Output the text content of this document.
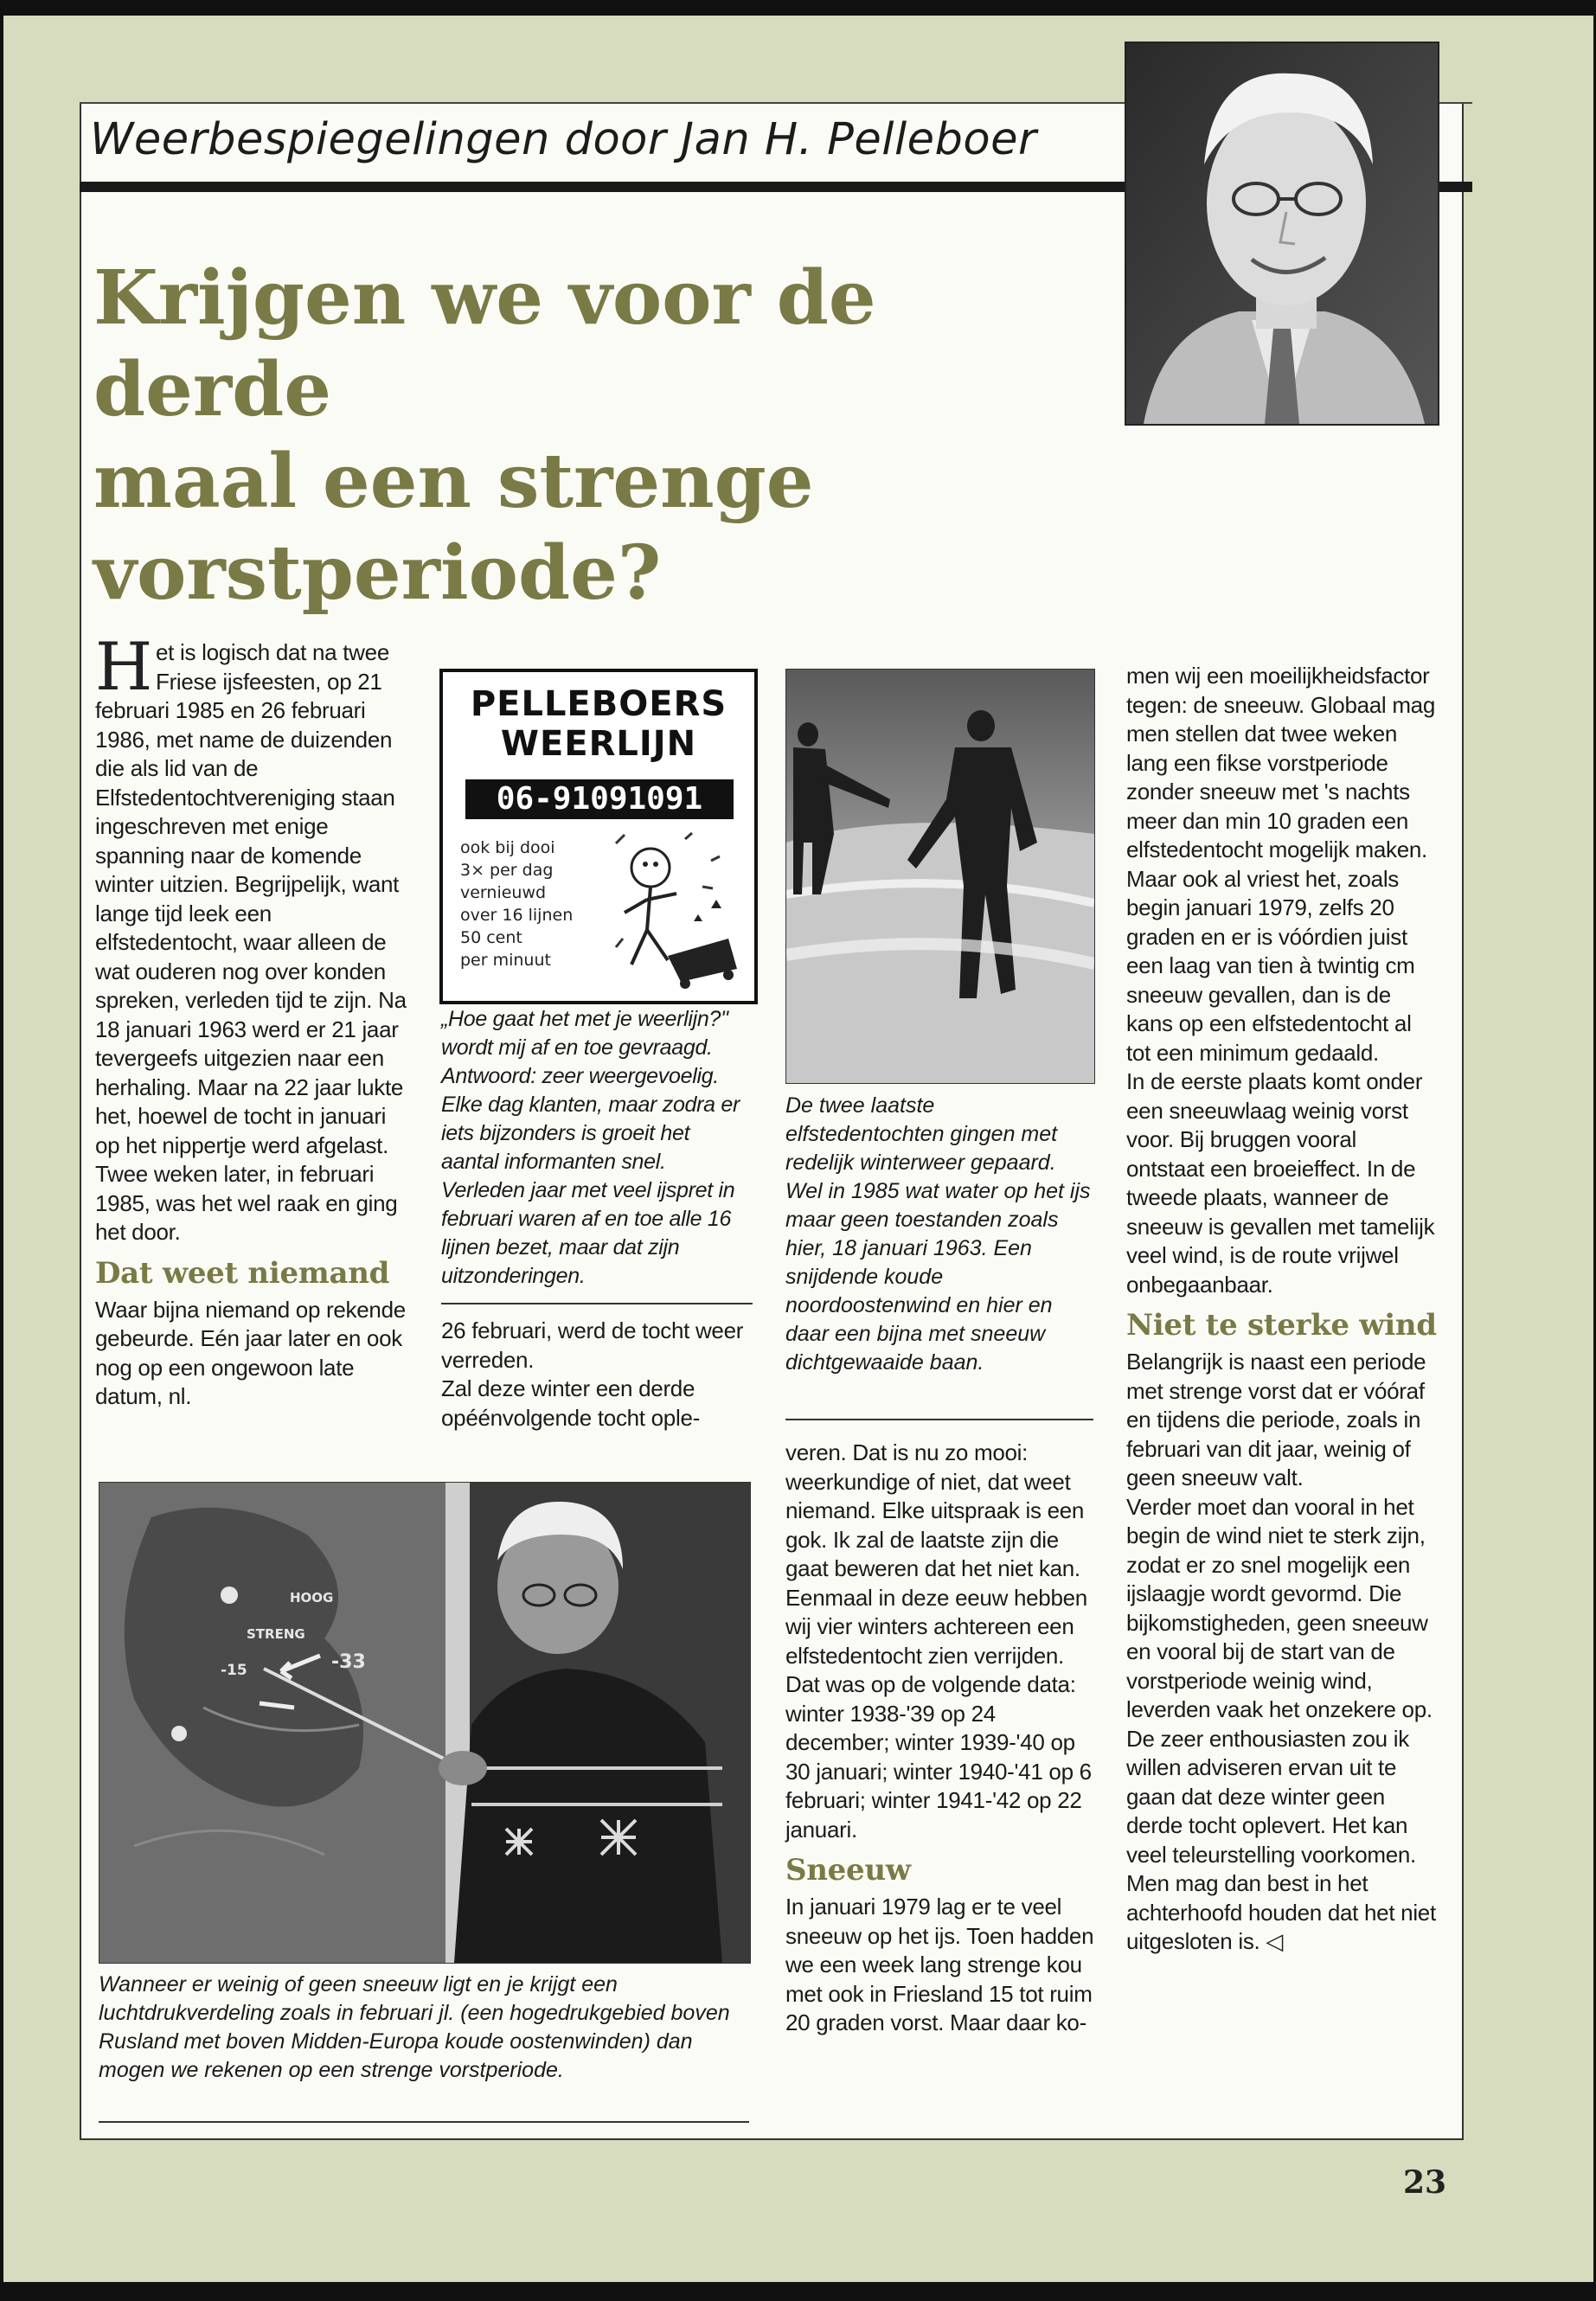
Weerbespiegelingen door Jan H. Pelleboer
Krijgen we voor de derde
maal een strenge
vorstperiode?

Het is logisch dat na twee Friese ijsfeesten, op 21 februari 1985 en 26 februari 1986, met name de duizenden die als lid van de Elfstedentochtvereniging staan ingeschreven met enige spanning naar de komende winter uitzien. Begrijpelijk, want lange tijd leek een elfstedentocht, waar alleen de wat ouderen nog over konden spreken, verleden tijd te zijn. Na 18 januari 1963 werd er 21 jaar tevergeefs uitgezien naar een herhaling. Maar na 22 jaar lukte het, hoewel de tocht in januari op het nippertje werd afgelast. Twee weken later, in februari 1985, was het wel raak en ging het door.

Dat weet niemand

Waar bijna niemand op rekende gebeurde. Eén jaar later en ook nog op een ongewoon late datum, nl.

PELLEBOERS
WEERLIJN
06-91091091
ook bij dooi
3× per dag
vernieuwd
over 16 lijnen
50 cent
per minuut

„Hoe gaat het met je weerlijn?" wordt mij af en toe gevraagd. Antwoord: zeer weergevoelig. Elke dag klanten, maar zodra er iets bijzonders is groeit het aantal informanten snel. Verleden jaar met veel ijspret in februari waren af en toe alle 16 lijnen bezet, maar dat zijn uitzonderingen.

26 februari, werd de tocht weer verreden.

Zal deze winter een derde opéénvolgende tocht ople-

De twee laatste elfstedentochten gingen met redelijk winterweer gepaard. Wel in 1985 wat water op het ijs maar geen toestanden zoals hier, 18 januari 1963. Een snijdende koude noordoostenwind en hier en daar een bijna met sneeuw dichtgewaaide baan.
HOOG
STRENG
-15	-33
Wanneer er weinig of geen sneeuw ligt en je krijgt een luchtdrukverdeling zoals in februari jl. (een hogedrukgebied boven Rusland met boven Midden-Europa koude oostenwinden) dan mogen we rekenen op een strenge vorstperiode.

veren. Dat is nu zo mooi: weerkundige of niet, dat weet niemand. Elke uitspraak is een gok. Ik zal de laatste zijn die gaat beweren dat het niet kan.

Eenmaal in deze eeuw hebben wij vier winters achtereen een elfstedentocht zien verrijden. Dat was op de volgende data: winter 1938-'39 op 24 december; winter 1939-'40 op 30 januari; winter 1940-'41 op 6 februari; winter 1941-'42 op 22 januari.

Sneeuw

In januari 1979 lag er te veel sneeuw op het ijs. Toen hadden we een week lang strenge kou met ook in Friesland 15 tot ruim 20 graden vorst. Maar daar ko-

men wij een moeilijkheidsfactor tegen: de sneeuw. Globaal mag men stellen dat twee weken lang een fikse vorstperiode zonder sneeuw met 's nachts meer dan min 10 graden een elfstedentocht mogelijk maken. Maar ook al vriest het, zoals begin januari 1979, zelfs 20 graden en er is vóórdien juist een laag van tien à twintig cm sneeuw gevallen, dan is de kans op een elfstedentocht al tot een minimum gedaald.

In de eerste plaats komt onder een sneeuwlaag weinig vorst voor. Bij bruggen vooral ontstaat een broeieffect. In de tweede plaats, wanneer de sneeuw is gevallen met tamelijk veel wind, is de route vrijwel onbegaanbaar.

Niet te sterke wind

Belangrijk is naast een periode met strenge vorst dat er vóóraf en tijdens die periode, zoals in februari van dit jaar, weinig of geen sneeuw valt.

Verder moet dan vooral in het begin de wind niet te sterk zijn, zodat er zo snel mogelijk een ijslaagje wordt gevormd. Die bijkomstigheden, geen sneeuw en vooral bij de start van de vorstperiode weinig wind, leverden vaak het onzekere op.

De zeer enthousiasten zou ik willen adviseren ervan uit te gaan dat deze winter geen derde tocht oplevert. Het kan veel teleurstelling voorkomen. Men mag dan best in het achterhoofd houden dat het niet uitgesloten is. ◁

23
